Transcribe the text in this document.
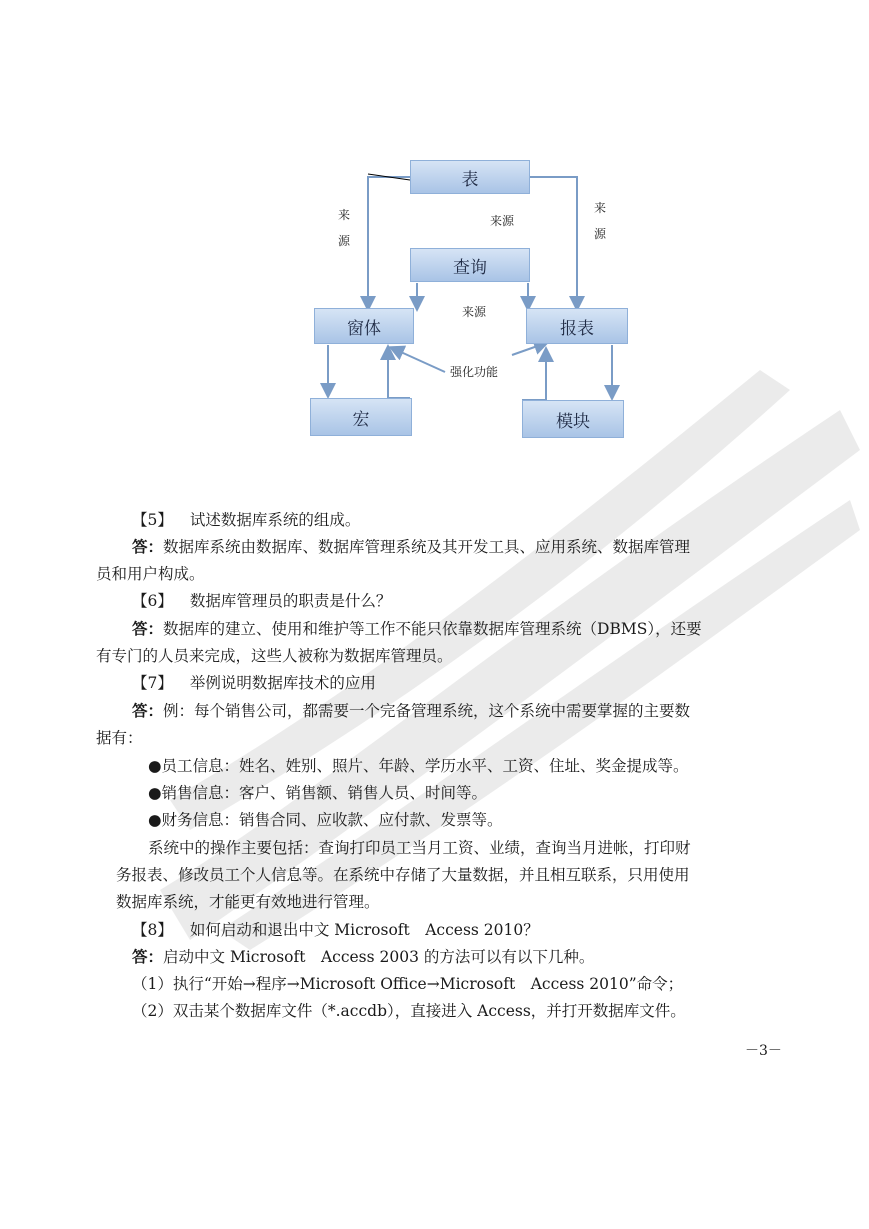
表
查询
窗体	报表
宏	模块
来源
来源
来源
来源
强化功能
【5】 试述数据库系统的组成。
答：数据库系统由数据库、数据库管理系统及其开发工具、应用系统、数据库管理
员和用户构成。
【6】 数据库管理员的职责是什么？
答：数据库的建立、使用和维护等工作不能只依靠数据库管理系统（DBMS），还要
有专门的人员来完成，这些人被称为数据库管理员。
【7】 举例说明数据库技术的应用
答：例：每个销售公司，都需要一个完备管理系统，这个系统中需要掌握的主要数
据有：
●员工信息：姓名、姓别、照片、年龄、学历水平、工资、住址、奖金提成等。
●销售信息：客户、销售额、销售人员、时间等。
●财务信息：销售合同、应收款、应付款、发票等。
系统中的操作主要包括：查询打印员工当月工资、业绩，查询当月进帐，打印财
务报表、修改员工个人信息等。在系统中存储了大量数据，并且相互联系，只用使用
数据库系统，才能更有效地进行管理。
【8】 如何启动和退出中文 Microsoft　Access 2010？
答：启动中文 Microsoft　Access 2003 的方法可以有以下几种。
（1）执行“开始→程序→Microsoft Office→Microsoft　Access 2010”命令；
（2）双击某个数据库文件（*.accdb），直接进入 Access，并打开数据库文件。
－3－
